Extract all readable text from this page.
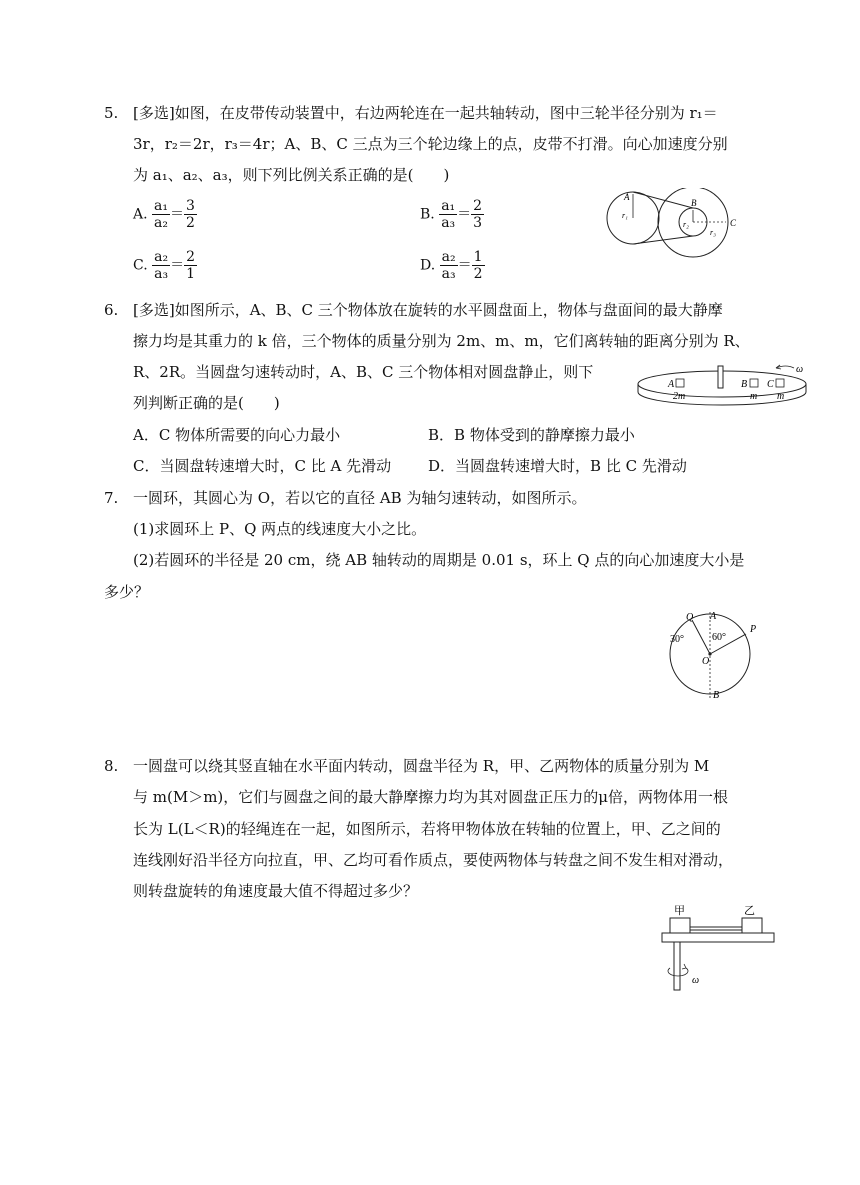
5. [多选]如图，在皮带传动装置中，右边两轮连在一起共轴转动，图中三轮半径分别为 r₁＝
3r，r₂＝2r，r₃＝4r；A、B、C 三点为三个轮边缘上的点，皮带不打滑。向心加速度分别
为 a₁、a₂、a₃，则下列比例关系正确的是(　　)
A. $\frac{\text{a₁}}{\text{a₂}} = \frac{3}{2}$	B. $\frac{\text{a₁}}{\text{a₃}} = \frac{2}{3}$
C. $\frac{\text{a₂}}{\text{a₃}} = \frac{2}{1}$	D. $\frac{\text{a₂}}{\text{a₃}} = \frac{1}{2}$
A
r₁
B
r₂
r₃
C
6. [多选]如图所示，A、B、C 三个物体放在旋转的水平圆盘面上，物体与盘面间的最大静摩
擦力均是其重力的 k 倍，三个物体的质量分别为 2m、m、m，它们离转轴的距离分别为 R、
R、2R。当圆盘匀速转动时，A、B、C 三个物体相对圆盘静止，则下
列判断正确的是(　　)
A．C 物体所需要的向心力最小	B．B 物体受到的静摩擦力最小
C．当圆盘转速增大时，C 比 A 先滑动 D．当圆盘转速增大时，B 比 C 先滑动
A
2m
B
m
C
m
ω
7. 一圆环，其圆心为 O，若以它的直径 AB 为轴匀速转动，如图所示。
(1)求圆环上 P、Q 两点的线速度大小之比。
(2)若圆环的半径是 20 cm，绕 AB 轴转动的周期是 0.01 s，环上 Q 点的向心加速度大小是
多少？
Q A
P
30°	60°
O
B
8. 一圆盘可以绕其竖直轴在水平面内转动，圆盘半径为 R，甲、乙两物体的质量分别为 M
与 m(M＞m)，它们与圆盘之间的最大静摩擦力均为其对圆盘正压力的μ倍，两物体用一根
长为 L(L＜R)的轻绳连在一起，如图所示，若将甲物体放在转轴的位置上，甲、乙之间的
连线刚好沿半径方向拉直，甲、乙均可看作质点，要使两物体与转盘之间不发生相对滑动，
则转盘旋转的角速度最大值不得超过多少？
甲	乙
ω
